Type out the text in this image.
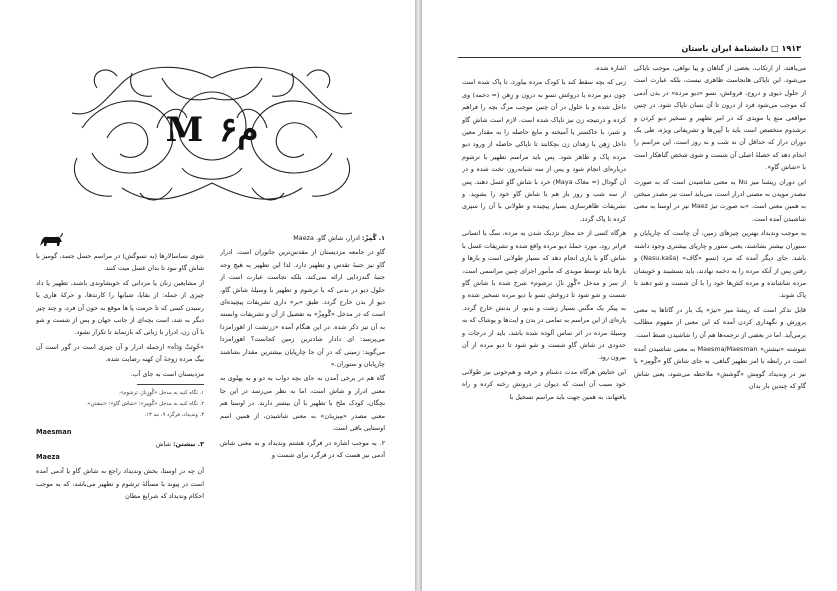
M ۶م

۱. گُمِزْ: ادرار، شاش گاو. Maeza

گاو در جامعه مزدیسنان از مقدس‌ترین جانوران است. ادرار گاو نیز جنبهٔ تقدس و تطهیر دارد. لذا این تطهیر به هیچ وجه جنبهٔ گندزدایی ارائه نمی‌کند، بلکه نجاست عبارت است از حلول دیو در بدنی که با ترشوم و تطهیر با وسیلهٔ شاش گاو، دیو از بدن خارج گردد. طبق «بر» داری تشریفات پیچیده‌ای است که در مدخل «گُومِزْ» به تفصیل از آن و تشریفات وابسته به آن تیز ذکر شده. در این هنگام آمده «زرتشت از اهورامزدا می‌پرسد: ای دادار شادترین زمین کجاست؟ اهورامزدا می‌گوید: زمینی که در آن جا چارپایان بیشترین مقدار بشاشند چارپایان و ستوران.»

گاه هم در برخی آمدن به جای بچه دواب به دو و به پهلوی به معنی ادرار و شاش است، اما به نظر می‌رسد در این جا بچگان، کودک ملخ با تطهیر با آن بیشتر دارند. در اوستا هم معنی مصدر «مِیزیدَن» به معنی شاشیدن، از همین اسم اوستایی باقی است.

۲. به موجب اشاره در فرگرد هشتم وندیداد و به معنی شاش آدمی نیز هست که در فرگرد برای شست و

شوی نساسالارها (به نسوگش) در مراسم حسل جسد، گومیز با شاش گاو نبود تا بدان غسل میت کنند.

از مشایعین زنان یا مردانی که خویشاوندی باشند، تطهیر یا داد چیزی از جمله: از بقایا، شبانها را کارندها، و حرکهٔ هاری یا رسیدن کسی که تا حرمت یا ها موقع به خون آن فرد، و چند چیز دیگر به شد، است بچه‌ای از جانب جهان و پس از شست و شو با آن زن، ادرار با زبانی که بازنماید تا تکرار نشود.

«خُوِثتْ وَدَاَه» ازجمله ادرار و آن چیزی است در گور است آن بیگ مرده زوجهٔ آن کهنه رضایت شده.

مزدیسنان است به جای آب.

۱. نگاه کنید به مدخل «گُوِزِناژ، ترشوم».

۲. نگاه کنید به مدخل «گُومِزِ»؛ «شاش گاو»؛ «نیشتن».

۳. وندیداد، فرگرد ۹، بند ۱۳.

Maesman
۳. نیشتن: شاش
Maeza

آن چه در اوستا، بخش وندیداد راجع به شاش گاو یا آدمی آمده است در پیوند با مسألهٔ ترشوم و تطهیر می‌باشد، که به موجب احکام وندیداد که شرایع مطان

۱۹۱۳ □ دانشنامهٔ ایران باستان

می‌یافتد، از ارتکاب، بعضی از گناهان و پیا نواهی، موجب نایاکی می‌شود. این نایاکی هانجاست ظاهری نیست، بلکه عبارت است از حلول دیوی و دروج، فروغش، نسو «دیو مرده» در بدن آدمی که موجب می‌شود فرد از درون تا آن نسان ناپاک شود. در چنین مواقعی منع یا مویدی که در امر تطهیر و تسخیر دیو کردن و ترشدوم متخصص است باید با آیین‌ها و تشریفاتی ویژه، طی یک دوران دراز که حداقل آن نه شب و نه روز است، این مراسم را انجام دهد که خصلهٔ اصلی آن شست و شوی شخص گناهکار است با «شاش گاو».

این دوران ریشنا میز Nu به معنی شاشیدن است که به صورت مصدر مویدن به مصنی ادرار است، می‌باید است تیز مصدر میختن به همین معنی است. «به صورت تیژ Maez نیز در اوستا به معنی شاشیدن آمده است.

به موجب وندیداد بهترین چیزهای زمین، آن چاست که چارپایان و ستوران بیشتر بشاشند، یعنی ستور و چارپای بیشتری وجود داشته باشد. جای دیگر آمده که مرد (نسو «گاف» (Nasu.kaša) و رفتن پس از آنکه مرده را به دخمه نهادند، باید بسشیند و خویشان مرده شاشانده و مرده کش‌ها خود را با آن شست و شو دهند تا پاک شوند.

قابل تذکر است که ریشهٔ میز «تیژ» یک بار در گاثاها به معنی پرورش و نگهداری کردن آمده که این معنی از مفهوم مطالب برمی‌آید. اما در بعضی از ترجمه‌ها هم آن را شاشیدن ضبط است.

شوشته «نیشتن» Maesma/Maesman به معنی شاشیدن آمده است در رابطه با امر تطهیر گناهی، به جای شاش گاو «گُومِز» با نیز در وندیداد گومِش «گوشش» ملاحظه می‌شود، یعنی شاش گاو که چندین بار بدان

اشاره شده.

زنی که بچه سقط کند یا کودک مرده بیاورد، تا پاک شده است چون دیو مرده یا دروغش تسو به درون و زِهن (= دخمه) وی داخل شده و با حلول در آن چنین موجب مرگ بچه را فراهم کرده و درنتیجه زن نیز ناپاک شده است. لازم است شاش گاو و شیر، با خاکستر یا آمیخته و مایع حاصله را به مقدار معین داخل زِهِن یا زهدان زن بچکانند تا ناپاکی حاصله از ورود دیو مرده پاک و طاهر شود. پس باید مراسم تطهیر با ترشوم درباره‌ای انجام شود و پس از سه شبانه‌روز، تخت شده و در آن گودال (= مغاک Maya) خرد با شاش گاو غسل دهند. پس از سه شب و روز باز هم با شاش گاو خود را بشوید. و تشریفات ظاهرسازی بسیار پیچیده و طولانی با آن را سپری کرده تا پاک گردد.

هرگاه کسی از حد مجاز نزدیک شدن به مرده، سگ یا انسانی فراتر رود، مورد حملهٔ دیو مرده واقع شده و تشریفات غسل با شاش گاو با یاری انجام دهد که بسیار طولانی است و بارها و بارها باید توسط موبدی که مأمور اجرای چنین مراسمی است، از سر و مدخل «گُوِزِ ناژَ، ترشوم» شرح شده با شاش گاو شست و شو شود تا دروغش تسو یا دیو مرده تسخیر شده و به پیکر یک مگس بسیار زشت و بدبو، از بدنش خارج گردد. پاره‌ای از این مراسم به تمامی در بدن و ایت‌ها و پوشاک که به وسیلهٔ مرده در اثر تماس آلوده شده باشد، باید از درجات و حدودی در شاش گاو شست و شو شود تا دیو مرده از آن بیرون رود.

این ختایص هرگاه مدت دشنام و حرفه و هم‌خونی نیز طولانی خود سبب آن است که دیوان در درونش رخنه کرده و راه یافتهاند، به همین جهت باید مراسم تسخیل با
